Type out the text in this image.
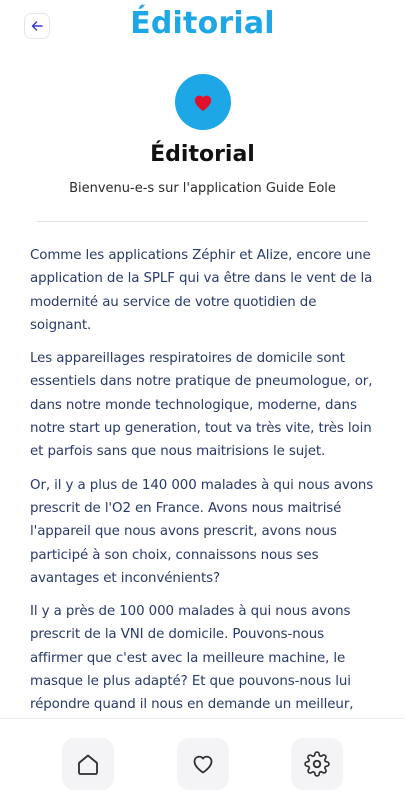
Éditorial
Éditorial
Bienvenu-e-s sur l'application Guide Eole

Comme les applications Zéphir et Alize, encore une application de la SPLF qui va être dans le vent de la modernité au service de votre quotidien de soignant.

Les appareillages respiratoires de domicile sont essentiels dans notre pratique de pneumologue, or, dans notre monde technologique, moderne, dans notre start up generation, tout va très vite, très loin et parfois sans que nous maitrisions le sujet.

Or, il y a plus de 140 000 malades à qui nous avons prescrit de l'O2 en France. Avons nous maitrisé l'appareil que nous avons prescrit, avons nous participé à son choix, connaissons nous ses avantages et inconvénients?

Il y a près de 100 000 malades à qui nous avons prescrit de la VNI de domicile. Pouvons-nous affirmer que c'est avec la meilleure machine, le masque le plus adapté? Et que pouvons-nous lui répondre quand il nous en demande un meilleur,
